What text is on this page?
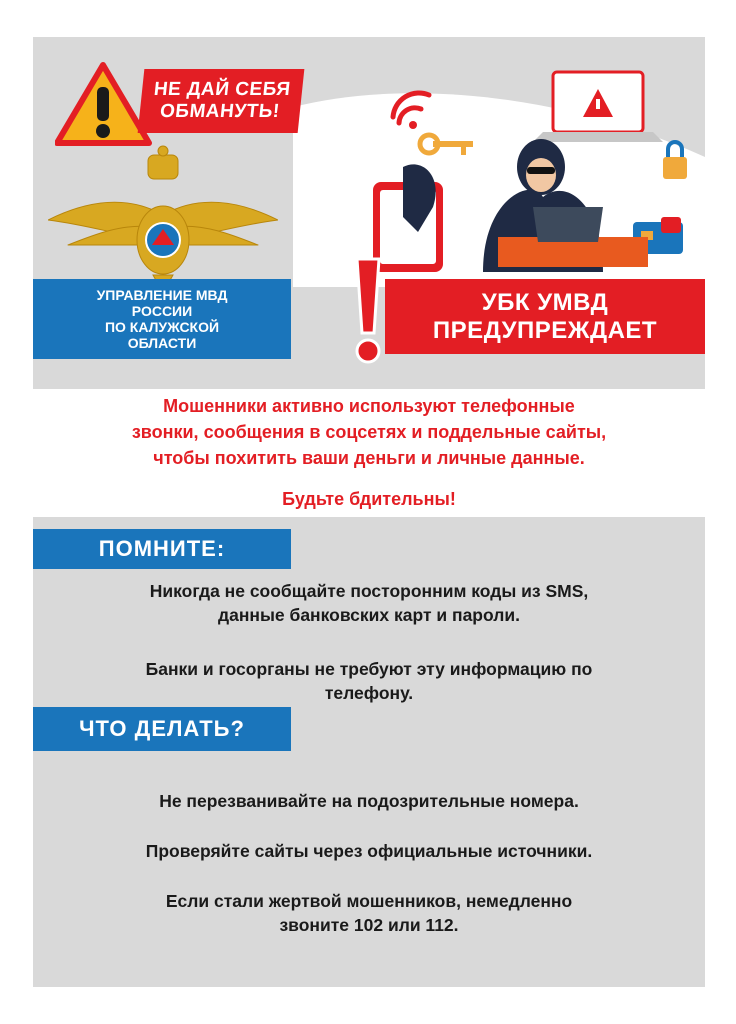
НЕ ДАЙ СЕБЯ
ОБМАНУТЬ!
УПРАВЛЕНИЕ МВД
РОССИИ
ПО КАЛУЖСКОЙ
ОБЛАСТИ
УБК УМВД
ПРЕДУПРЕЖДАЕТ
Мошенники активно используют телефонные
звонки, сообщения в соцсетях и поддельные сайты,
чтобы похитить ваши деньги и личные данные.
Будьте бдительны!
ПОМНИТЕ:
Никогда не сообщайте посторонним коды из SMS,
данные банковских карт и пароли.
Банки и госорганы не требуют эту информацию по
телефону.
ЧТО ДЕЛАТЬ?
Не перезванивайте на подозрительные номера.
Проверяйте сайты через официальные источники.
Если стали жертвой мошенников, немедленно
звоните 102 или 112.
